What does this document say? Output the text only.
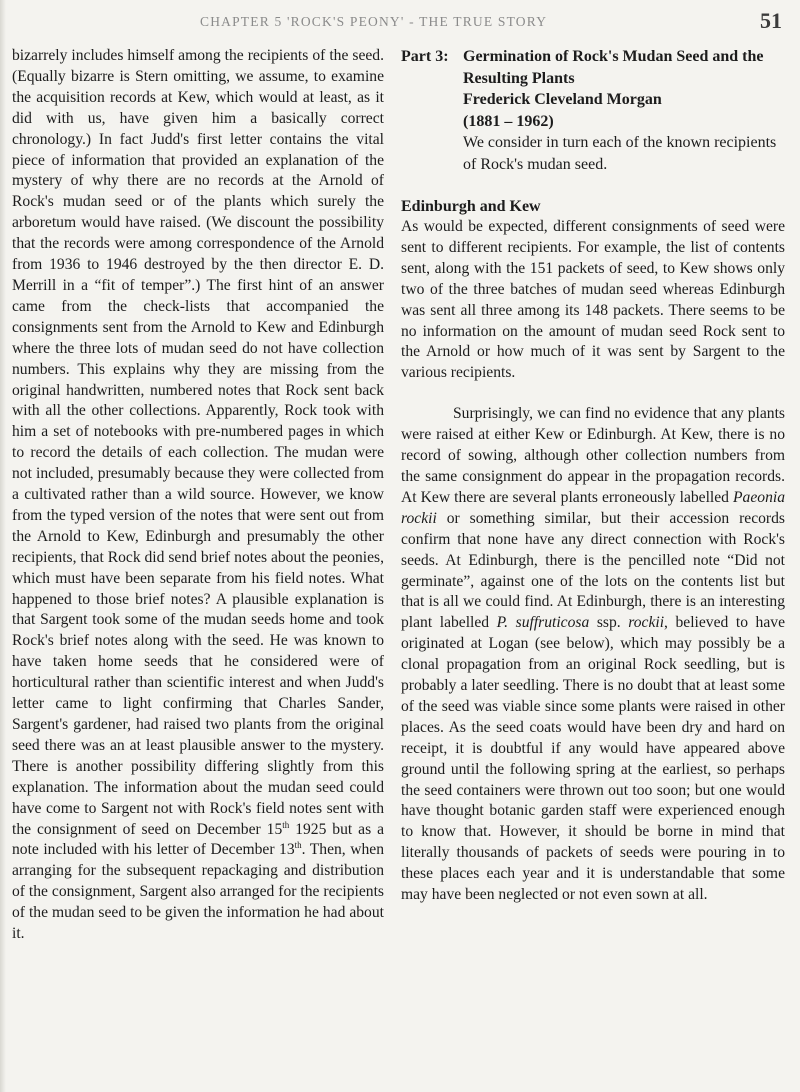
CHAPTER 5 'ROCK'S PEONY' - THE TRUE STORY	51

bizarrely includes himself among the recipients of the seed. (Equally bizarre is Stern omitting, we assume, to examine the acquisition records at Kew, which would at least, as it did with us, have given him a basically correct chronology.) In fact Judd's first letter contains the vital piece of information that provided an explanation of the mystery of why there are no records at the Arnold of Rock's mudan seed or of the plants which surely the arboretum would have raised. (We discount the possibility that the records were among correspondence of the Arnold from 1936 to 1946 destroyed by the then director E. D. Merrill in a “fit of temper”.) The first hint of an answer came from the check-lists that accompanied the consignments sent from the Arnold to Kew and Edinburgh where the three lots of mudan seed do not have collection numbers. This explains why they are missing from the original handwritten, numbered notes that Rock sent back with all the other collections. Apparently, Rock took with him a set of notebooks with pre-numbered pages in which to record the details of each collection. The mudan were not included, presumably because they were collected from a cultivated rather than a wild source. However, we know from the typed version of the notes that were sent out from the Arnold to Kew, Edinburgh and presumably the other recipients, that Rock did send brief notes about the peonies, which must have been separate from his field notes. What happened to those brief notes? A plausible explanation is that Sargent took some of the mudan seeds home and took Rock's brief notes along with the seed. He was known to have taken home seeds that he considered were of horticultural rather than scientific interest and when Judd's letter came to light confirming that Charles Sander, Sargent's gardener, had raised two plants from the original seed there was an at least plausible answer to the mystery. There is another possibility differing slightly from this explanation. The information about the mudan seed could have come to Sargent not with Rock's field notes sent with the consignment of seed on December 15th 1925 but as a note included with his letter of December 13th. Then, when arranging for the subsequent repackaging and distribution of the consignment, Sargent also arranged for the recipients of the mudan seed to be given the information he had about it.

Part 3: Germination of Rock's Mudan Seed and the Resulting Plants
Frederick Cleveland Morgan
(1881 – 1962)
We consider in turn each of the known recipients of Rock's mudan seed.
Edinburgh and Kew

As would be expected, different consignments of seed were sent to different recipients. For example, the list of contents sent, along with the 151 packets of seed, to Kew shows only two of the three batches of mudan seed whereas Edinburgh was sent all three among its 148 packets. There seems to be no information on the amount of mudan seed Rock sent to the Arnold or how much of it was sent by Sargent to the various recipients.

Surprisingly, we can find no evidence that any plants were raised at either Kew or Edinburgh. At Kew, there is no record of sowing, although other collection numbers from the same consignment do appear in the propagation records. At Kew there are several plants erroneously labelled Paeonia rockii or something similar, but their accession records confirm that none have any direct connection with Rock's seeds. At Edinburgh, there is the pencilled note “Did not germinate”, against one of the lots on the contents list but that is all we could find. At Edinburgh, there is an interesting plant labelled P. suffruticosa ssp. rockii, believed to have originated at Logan (see below), which may possibly be a clonal propagation from an original Rock seedling, but is probably a later seedling. There is no doubt that at least some of the seed was viable since some plants were raised in other places. As the seed coats would have been dry and hard on receipt, it is doubtful if any would have appeared above ground until the following spring at the earliest, so perhaps the seed containers were thrown out too soon; but one would have thought botanic garden staff were experienced enough to know that. However, it should be borne in mind that literally thousands of packets of seeds were pouring in to these places each year and it is understandable that some may have been neglected or not even sown at all.
